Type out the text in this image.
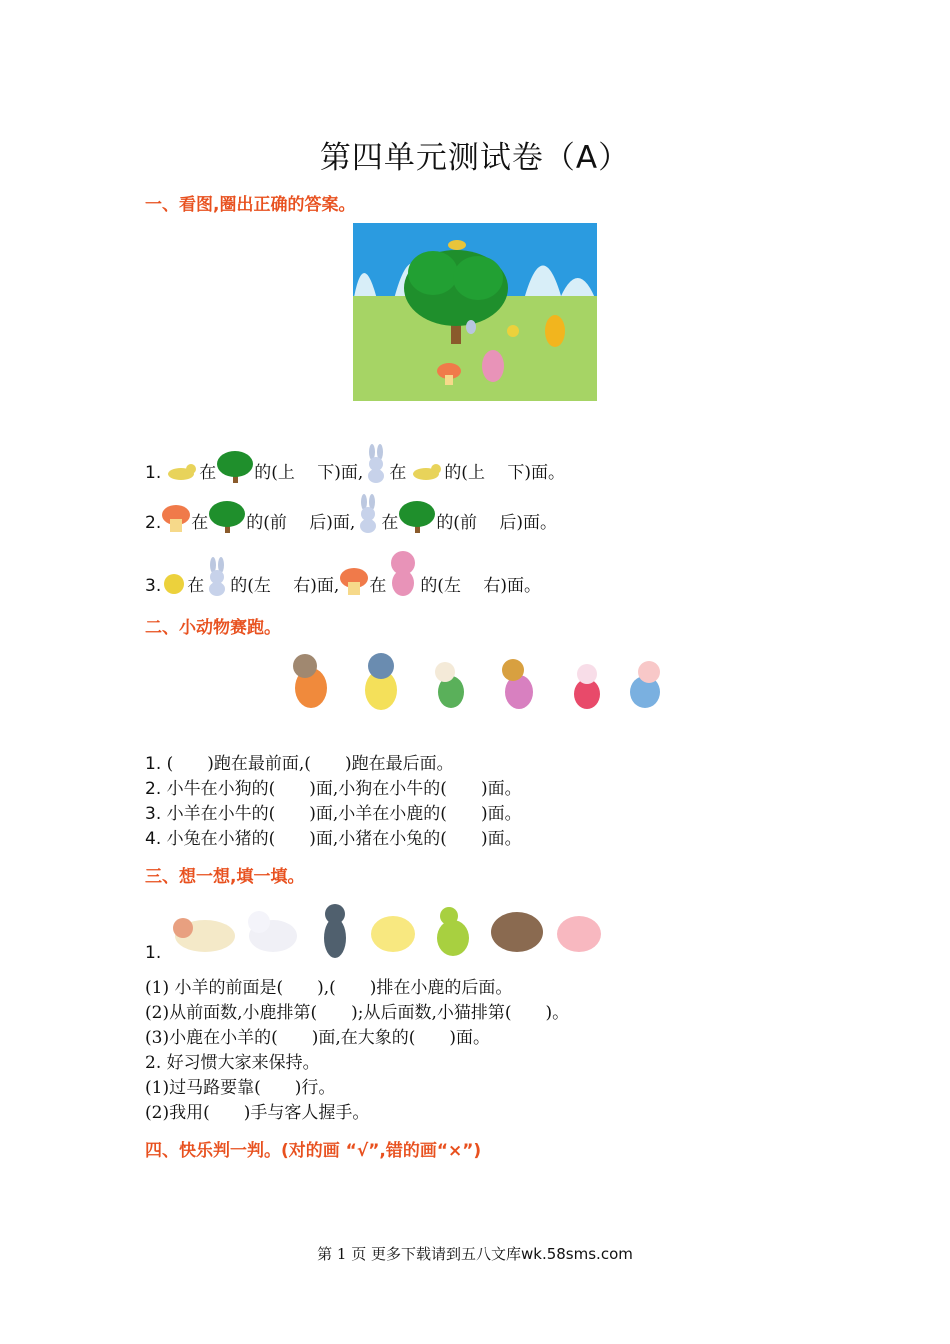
第四单元测试卷（A）
一、看图,圈出正确的答案。
1. 在 的(上　 下)面, 在 的(上　 下)面。
2. 在 的(前　 后)面, 在 的(前　 后)面。
3. 在 的(左　 右)面, 在 的(左　 右)面。
二、小动物赛跑。
1. (　　)跑在最前面,(　　)跑在最后面。
2. 小牛在小狗的(　　)面,小狗在小牛的(　　)面。
3. 小羊在小牛的(　　)面,小羊在小鹿的(　　)面。
4. 小兔在小猪的(　　)面,小猪在小兔的(　　)面。
三、想一想,填一填。
1.
(1) 小羊的前面是(　　),(　　)排在小鹿的后面。
(2)从前面数,小鹿排第(　　);从后面数,小猫排第(　　)。
(3)小鹿在小羊的(　　)面,在大象的(　　)面。
2. 好习惯大家来保持。
(1)过马路要靠(　　)行。
(2)我用(　　)手与客人握手。
四、快乐判一判。(对的画 “√”,错的画“×”)
第 1 页 更多下载请到五八文库wk.58sms.com
